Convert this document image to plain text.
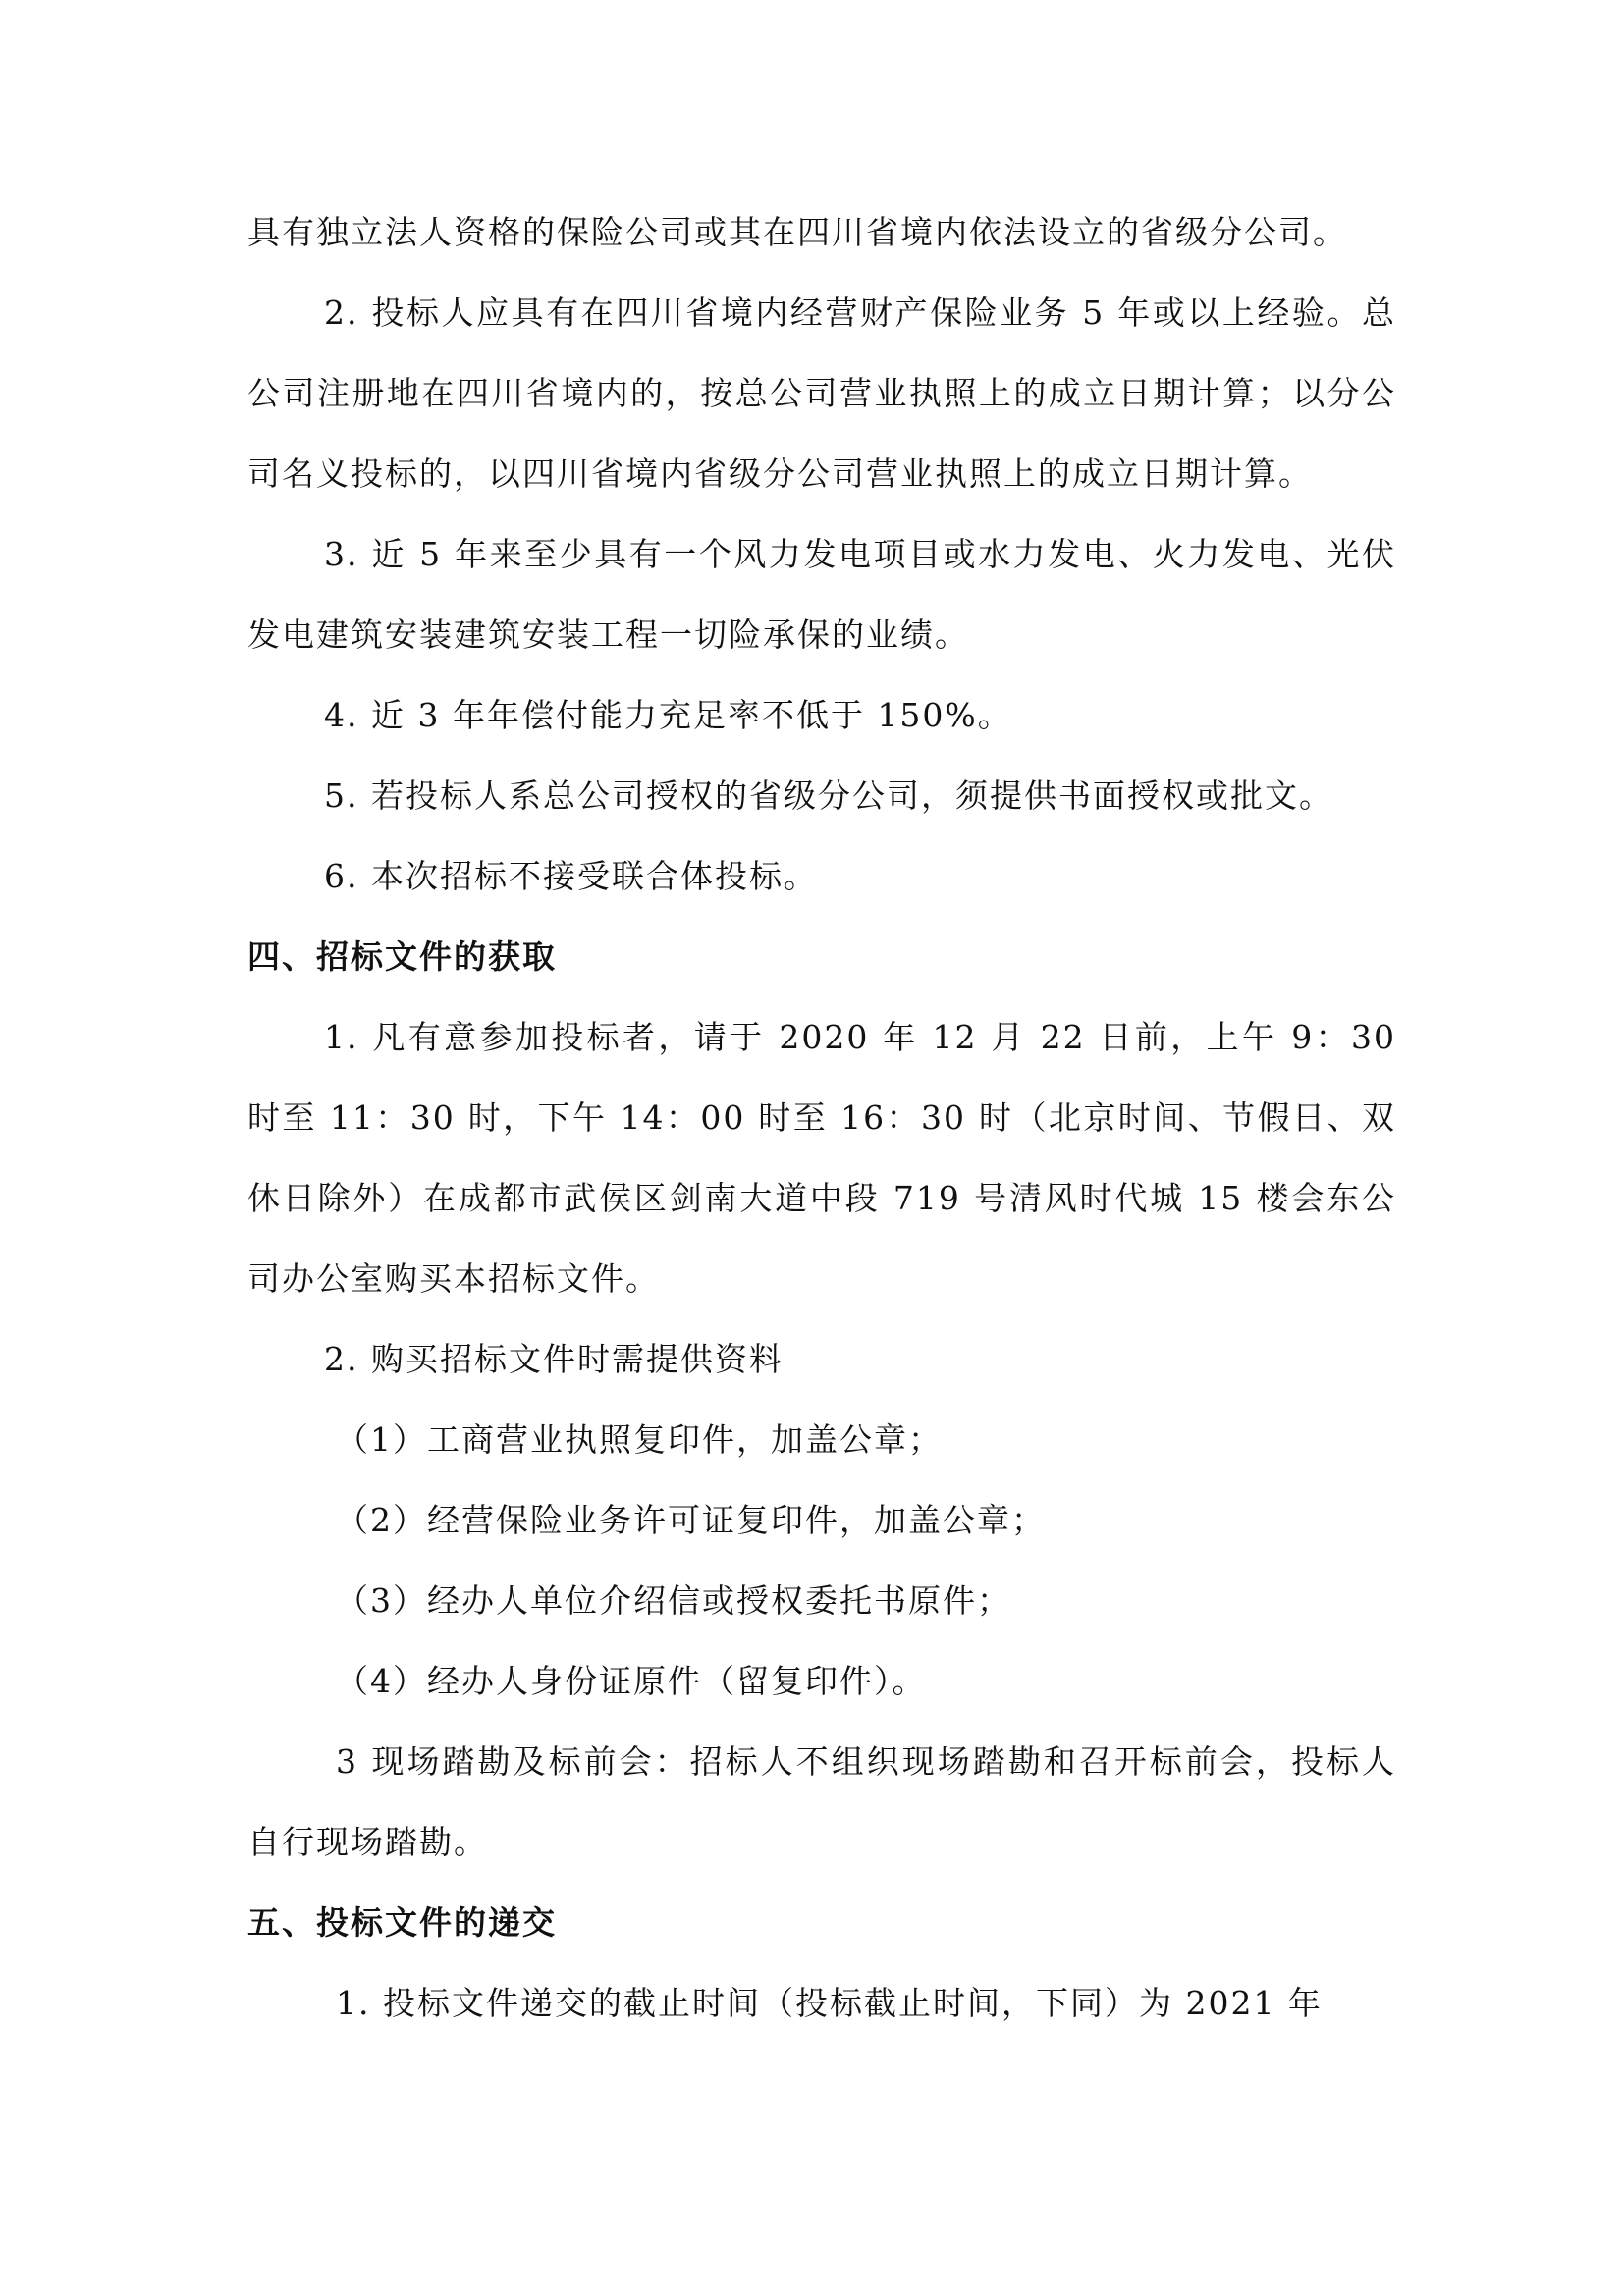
具有独立法人资格的保险公司或其在四川省境内依法设立的省级分公司。

2. 投标人应具有在四川省境内经营财产保险业务 5 年或以上经验。总公司注册地在四川省境内的，按总公司营业执照上的成立日期计算；以分公司名义投标的，以四川省境内省级分公司营业执照上的成立日期计算。

3. 近 5 年来至少具有一个风力发电项目或水力发电、火力发电、光伏发电建筑安装建筑安装工程一切险承保的业绩。

4. 近 3 年年偿付能力充足率不低于 150%。

5. 若投标人系总公司授权的省级分公司，须提供书面授权或批文。

6. 本次招标不接受联合体投标。

四、招标文件的获取

1. 凡有意参加投标者，请于 2020 年 12 月 22 日前，上午 9：30 时至 11：30 时，下午 14：00 时至 16：30 时（北京时间、节假日、双休日除外）在成都市武侯区剑南大道中段 719 号清风时代城 15 楼会东公司办公室购买本招标文件。

2. 购买招标文件时需提供资料

（1）工商营业执照复印件，加盖公章；

（2）经营保险业务许可证复印件，加盖公章；

（3）经办人单位介绍信或授权委托书原件；

（4）经办人身份证原件（留复印件）。

3 现场踏勘及标前会：招标人不组织现场踏勘和召开标前会，投标人自行现场踏勘。

五、投标文件的递交

1. 投标文件递交的截止时间（投标截止时间，下同）为 2021 年
